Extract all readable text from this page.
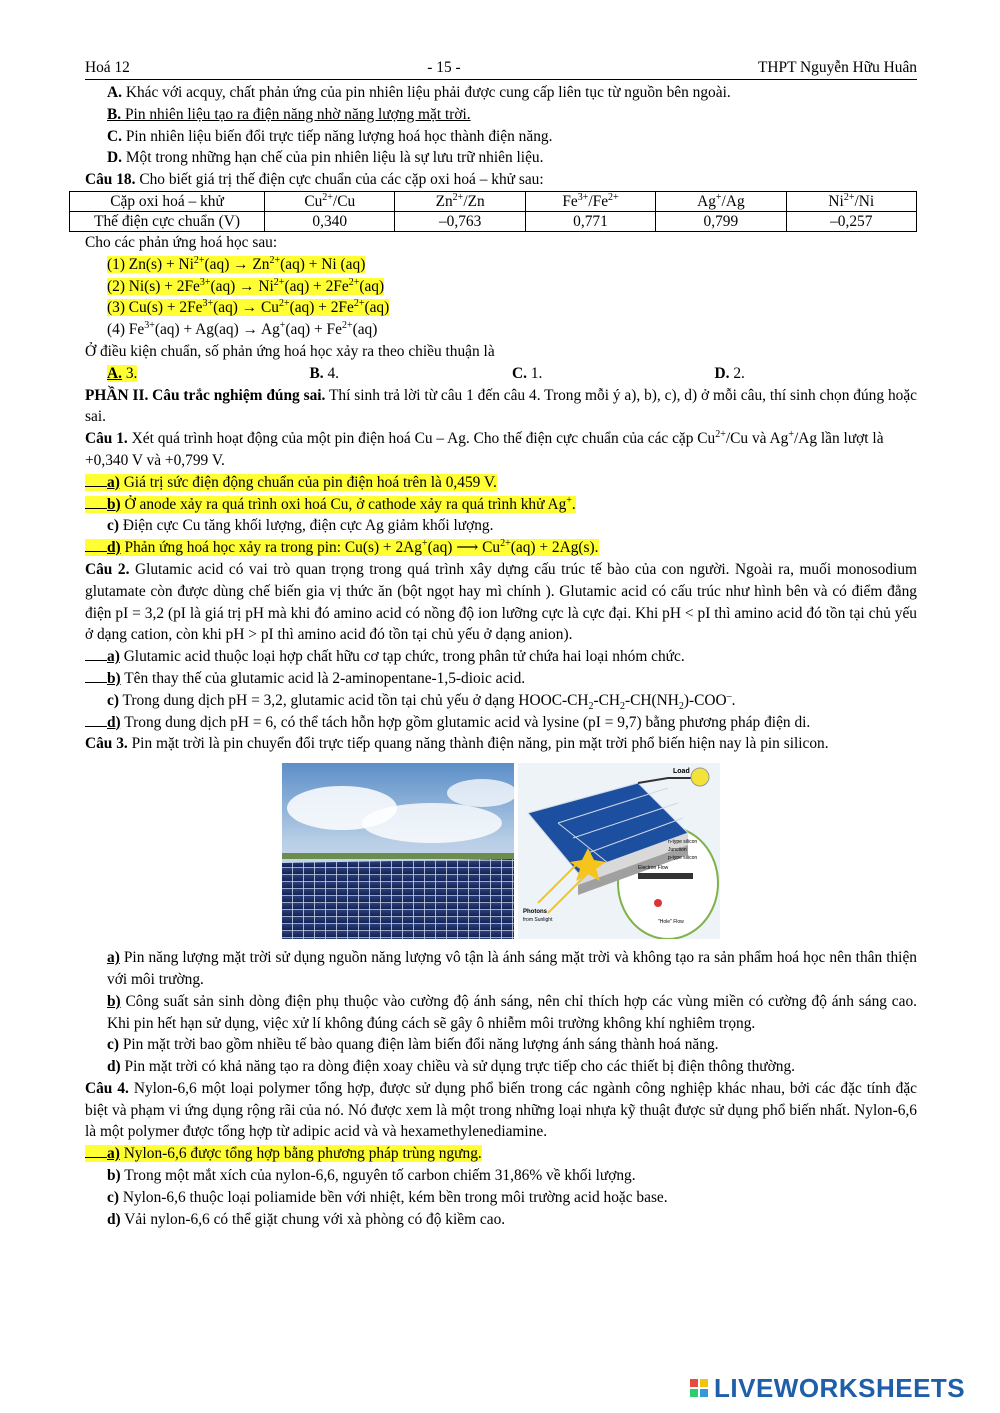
Hoá 12	- 15 -	THPT Nguyễn Hữu Huân
A. Khác với acquy, chất phản ứng của pin nhiên liệu phải được cung cấp liên tục từ nguồn bên ngoài.
B. Pin nhiên liệu tạo ra điện năng nhờ năng lượng mặt trời.
C. Pin nhiên liệu biến đổi trực tiếp năng lượng hoá học thành điện năng.
D. Một trong những hạn chế của pin nhiên liệu là sự lưu trữ nhiên liệu.
Câu 18. Cho biết giá trị thế điện cực chuẩn của các cặp oxi hoá – khử sau:
Cặp oxi hoá – khử	$Cu^{2+}/Cu$	$Zn^{2+}/Zn$	$Fe^{3+}/Fe^{2+}$	Ag+/Ag	$Ni^{2+}/Ni$
Thế điện cực chuẩn (V)	0,340	–0,763	0,771	0,799	–0,257
Cho các phản ứng hoá học sau:
(1) $Zn(s) + Ni^{2+}(aq) \to Zn^{2+}(aq) + Ni$ (aq)
(2) $Ni(s) + 2Fe^{3+}(aq) \to Ni^{2+}(aq) + 2Fe^{2+}(aq)$
(3) $Cu(s) + 2Fe^{3+}(aq) \to Cu^{2+}(aq) + 2Fe^{2+}(aq)$
(4) $Fe^{3+}(aq) + Ag(aq) \to Ag^+(aq) + Fe^{2+}(aq)$
Ở điều kiện chuẩn, số phản ứng hoá học xảy ra theo chiều thuận là
A. 3.	B. 4.	C. 1.	D. 2.
PHẦN II. Câu trắc nghiệm đúng sai. Thí sinh trả lời từ câu 1 đến câu 4. Trong mỗi ý a), b), c), d) ở mỗi câu, thí sinh chọn đúng hoặc sai.
Câu 1. Xét quá trình hoạt động của một pin điện hoá Cu – Ag. Cho thế điện cực chuẩn của các cặp $Cu^{2+}/Cu$ và Ag+/Ag lần lượt là +0,340 V và +0,799 V.
a) Giá trị sức điện động chuẩn của pin điện hoá trên là 0,459 V.
b) Ở anode xảy ra quá trình oxi hoá Cu, ở cathode xảy ra quá trình khử Ag+.
c) Điện cực Cu tăng khối lượng, điện cực Ag giảm khối lượng.
d) Phản ứng hoá học xảy ra trong pin: Cu(s) + 2Ag+(aq) ⟶ $Cu^{2+}(aq) + 2Ag(s)$.
Câu 2. Glutamic acid có vai trò quan trọng trong quá trình xây dựng cấu trúc tế bào của con người. Ngoài ra, muối monosodium glutamate còn được dùng chế biến gia vị thức ăn (bột ngọt hay mì chính ). Glutamic acid có cấu trúc như hình bên và có điểm đẳng điện pI = 3,2 (pI là giá trị pH mà khi đó amino acid có nồng độ ion lưỡng cực là cực đại. Khi pH < pI thì amino acid đó tồn tại chủ yếu ở dạng cation, còn khi pH > pI thì amino acid đó tồn tại chủ yếu ở dạng anion).
a) Glutamic acid thuộc loại hợp chất hữu cơ tạp chức, trong phân tử chứa hai loại nhóm chức.
b) Tên thay thế của glutamic acid là 2-aminopentane-1,5-dioic acid.
c) Trong dung dịch pH = 3,2, glutamic acid tồn tại chủ yếu ở dạng HOOC-$CH_2-CH_2-CH(NH_2)-COO^-$.
d) Trong dung dịch pH = 6, có thể tách hỗn hợp gồm glutamic acid và lysine (pI = 9,7) bằng phương pháp điện di.
Câu 3. Pin mặt trời là pin chuyển đổi trực tiếp quang năng thành điện năng, pin mặt trời phổ biến hiện nay là pin silicon.
Load
n-type silicon
Junction
p-type silicon
Electron Flow
Photons
from Sunlight	"Hole" Flow
a) Pin năng lượng mặt trời sử dụng nguồn năng lượng vô tận là ánh sáng mặt trời và không tạo ra sản phẩm hoá học nên thân thiện với môi trường.
b) Công suất sản sinh dòng điện phụ thuộc vào cường độ ánh sáng, nên chỉ thích hợp các vùng miền có cường độ ánh sáng cao. Khi pin hết hạn sử dụng, việc xử lí không đúng cách sẽ gây ô nhiễm môi trường không khí nghiêm trọng.
c) Pin mặt trời bao gồm nhiều tế bào quang điện làm biến đổi năng lượng ánh sáng thành hoá năng.
d) Pin mặt trời có khả năng tạo ra dòng điện xoay chiều và sử dụng trực tiếp cho các thiết bị điện thông thường.
Câu 4. Nylon-6,6 một loại polymer tổng hợp, được sử dụng phổ biến trong các ngành công nghiệp khác nhau, bởi các đặc tính đặc biệt và phạm vi ứng dụng rộng rãi của nó. Nó được xem là một trong những loại nhựa kỹ thuật được sử dụng phổ biến nhất. Nylon-6,6 là một polymer được tổng hợp từ adipic acid và và hexamethylenediamine.
a) Nylon-6,6 được tổng hợp bằng phương pháp trùng ngưng.
b) Trong một mắt xích của nylon-6,6, nguyên tố carbon chiếm 31,86% về khối lượng.
c) Nylon-6,6 thuộc loại poliamide bền với nhiệt, kém bền trong môi trường acid hoặc base.
d) Vải nylon-6,6 có thể giặt chung với xà phòng có độ kiềm cao.
LIVEWORKSHEETS
